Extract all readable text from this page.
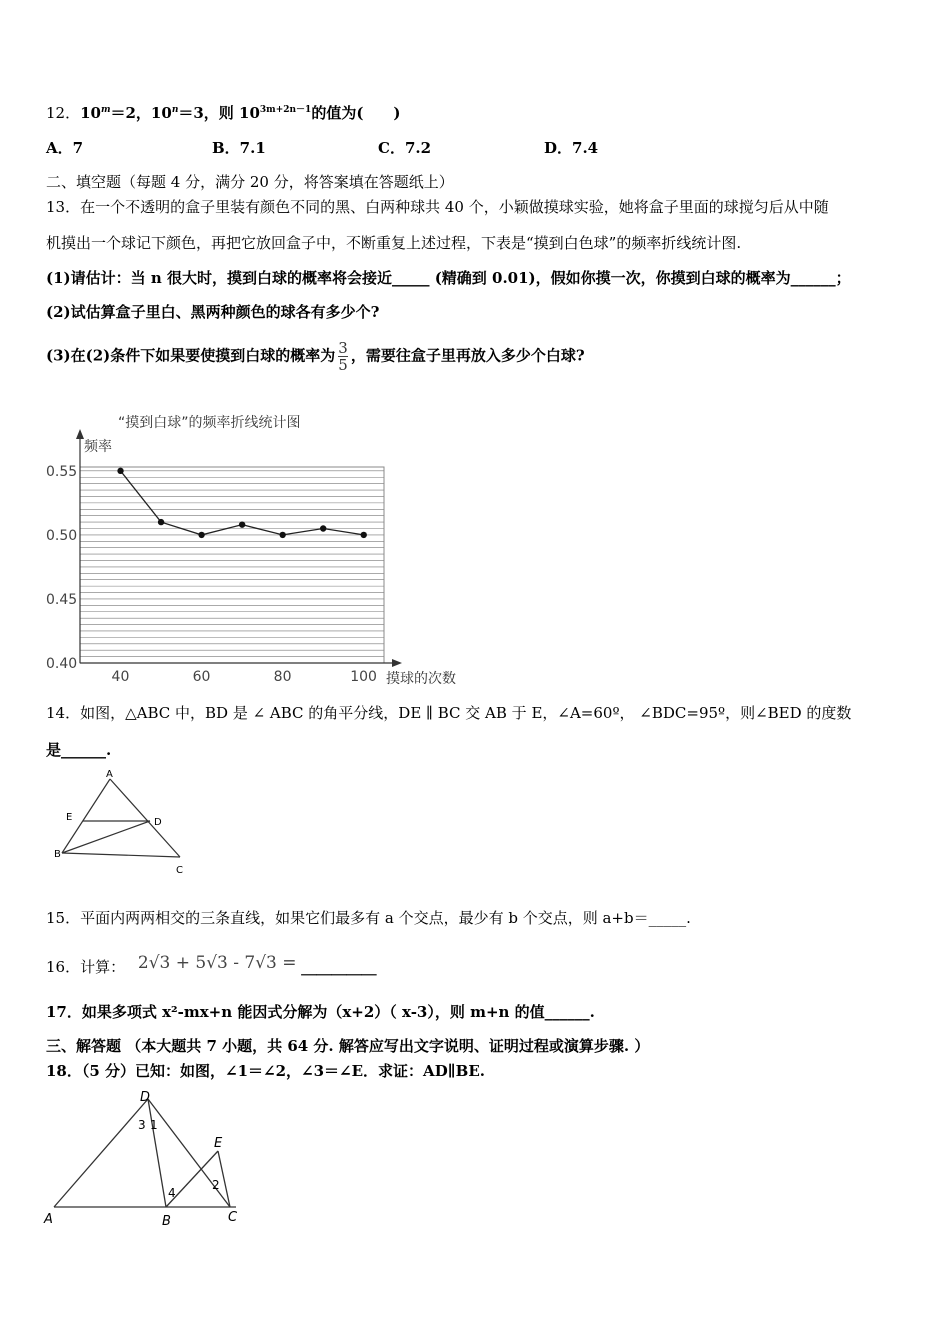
12．$10^m=2$，$10^n=3$，则 $10^{3m+2n-1}$的值为(　　)
A．7	B．7.1	C．7.2	D．7.4
二、填空题（每题 4 分，满分 20 分，将答案填在答题纸上）
13．在一个不透明的盒子里装有颜色不同的黑、白两种球共 40 个，小颖做摸球实验，她将盒子里面的球搅匀后从中随
机摸出一个球记下颜色，再把它放回盒子中，不断重复上述过程，下表是“摸到白色球”的频率折线统计图.
(1)请估计：当 n 很大时，摸到白球的概率将会接近_____ (精确到 0.01)，假如你摸一次，你摸到白球的概率为______；
(2)试估算盒子里白、黑两种颜色的球各有多少个?
(3)在(2)条件下如果要使摸到白球的概率为 $\frac{3}{5}$ ，需要往盒子里再放入多少个白球?
“摸到白球”的频率折线统计图
频率
摸球的次数
0.55
0.50
0.45
0.40
40	60	80	100
14．如图，△ABC 中，BD 是 ∠ ABC 的角平分线，DE ∥ BC 交 AB 于 E，∠A=60º， ∠BDC=95º，则∠BED 的度数
是______.
A
E	D
B
C
15．平面内两两相交的三条直线，如果它们最多有 a 个交点，最少有 b 个交点，则 a+b＝_____.
16．计算： 2√3 + 5√3 - 7√3 = ＿＿＿＿＿
17．如果多项式 x²-mx+n 能因式分解为（x+2）（ x-3），则 m+n 的值______.
三、解答题 （本大题共 7 小题，共 64 分. 解答应写出文字说明、证明过程或演算步骤. ）
18．（5 分）已知：如图，∠1＝∠2，∠3＝∠E．求证：AD∥BE.
D
E
A	B	C
3 1
4
2
